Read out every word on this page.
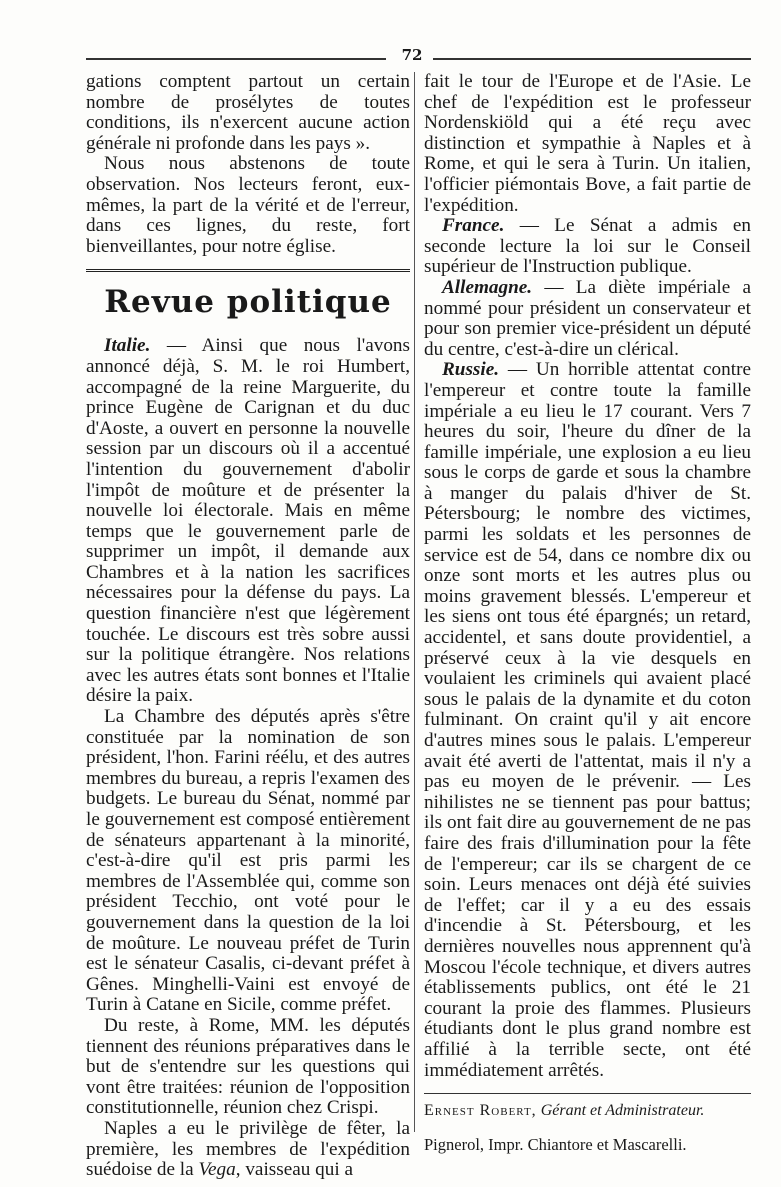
72

gations comptent partout un certain nombre de prosélytes de toutes conditions, ils n'exercent aucune action générale ni profonde dans les pays ».

Nous nous abstenons de toute observation. Nos lecteurs feront, eux-mêmes, la part de la vérité et de l'erreur, dans ces lignes, du reste, fort bienveillantes, pour notre église.

Revue politique

Italie. — Ainsi que nous l'avons annoncé déjà, S. M. le roi Humbert, accompagné de la reine Marguerite, du prince Eugène de Carignan et du duc d'Aoste, a ouvert en personne la nouvelle session par un discours où il a accentué l'intention du gouvernement d'abolir l'impôt de moûture et de présenter la nouvelle loi électorale. Mais en même temps que le gouvernement parle de supprimer un impôt, il demande aux Chambres et à la nation les sacrifices nécessaires pour la défense du pays. La question financière n'est que légèrement touchée. Le discours est très sobre aussi sur la politique étrangère. Nos relations avec les autres états sont bonnes et l'Italie désire la paix.

La Chambre des députés après s'être constituée par la nomination de son président, l'hon. Farini réélu, et des autres membres du bureau, a repris l'examen des budgets. Le bureau du Sénat, nommé par le gouvernement est composé entièrement de sénateurs appartenant à la minorité, c'est-à-dire qu'il est pris parmi les membres de l'Assemblée qui, comme son président Tecchio, ont voté pour le gouvernement dans la question de la loi de moûture. Le nouveau préfet de Turin est le sénateur Casalis, ci-devant préfet à Gênes. Minghelli-Vaini est envoyé de Turin à Catane en Sicile, comme préfet.

Du reste, à Rome, MM. les députés tiennent des réunions préparatives dans le but de s'entendre sur les questions qui vont être traitées: réunion de l'opposition constitutionnelle, réunion chez Crispi.

Naples a eu le privilège de fêter, la première, les membres de l'expédition suédoise de la Vega, vaisseau qui a

fait le tour de l'Europe et de l'Asie. Le chef de l'expédition est le professeur Nordenskiöld qui a été reçu avec distinction et sympathie à Naples et à Rome, et qui le sera à Turin. Un italien, l'officier piémontais Bove, a fait partie de l'expédition.

France. — Le Sénat a admis en seconde lecture la loi sur le Conseil supérieur de l'Instruction publique.

Allemagne. — La diète impériale a nommé pour président un conservateur et pour son premier vice-président un député du centre, c'est-à-dire un clérical.

Russie. — Un horrible attentat contre l'empereur et contre toute la famille impériale a eu lieu le 17 courant. Vers 7 heures du soir, l'heure du dîner de la famille impériale, une explosion a eu lieu sous le corps de garde et sous la chambre à manger du palais d'hiver de St. Pétersbourg; le nombre des victimes, parmi les soldats et les personnes de service est de 54, dans ce nombre dix ou onze sont morts et les autres plus ou moins gravement blessés. L'empereur et les siens ont tous été épargnés; un retard, accidentel, et sans doute providentiel, a préservé ceux à la vie desquels en voulaient les criminels qui avaient placé sous le palais de la dynamite et du coton fulminant. On craint qu'il y ait encore d'autres mines sous le palais. L'empereur avait été averti de l'attentat, mais il n'y a pas eu moyen de le prévenir. — Les nihilistes ne se tiennent pas pour battus; ils ont fait dire au gouvernement de ne pas faire des frais d'illumination pour la fête de l'empereur; car ils se chargent de ce soin. Leurs menaces ont déjà été suivies de l'effet; car il y a eu des essais d'incendie à St. Pétersbourg, et les dernières nouvelles nous apprennent qu'à Moscou l'école technique, et divers autres établissements publics, ont été le 21 courant la proie des flammes. Plusieurs étudiants dont le plus grand nombre est affilié à la terrible secte, ont été immédiatement arrêtés.

Ernest Robert, Gérant et Administrateur.
Pignerol, Impr. Chiantore et Mascarelli.
